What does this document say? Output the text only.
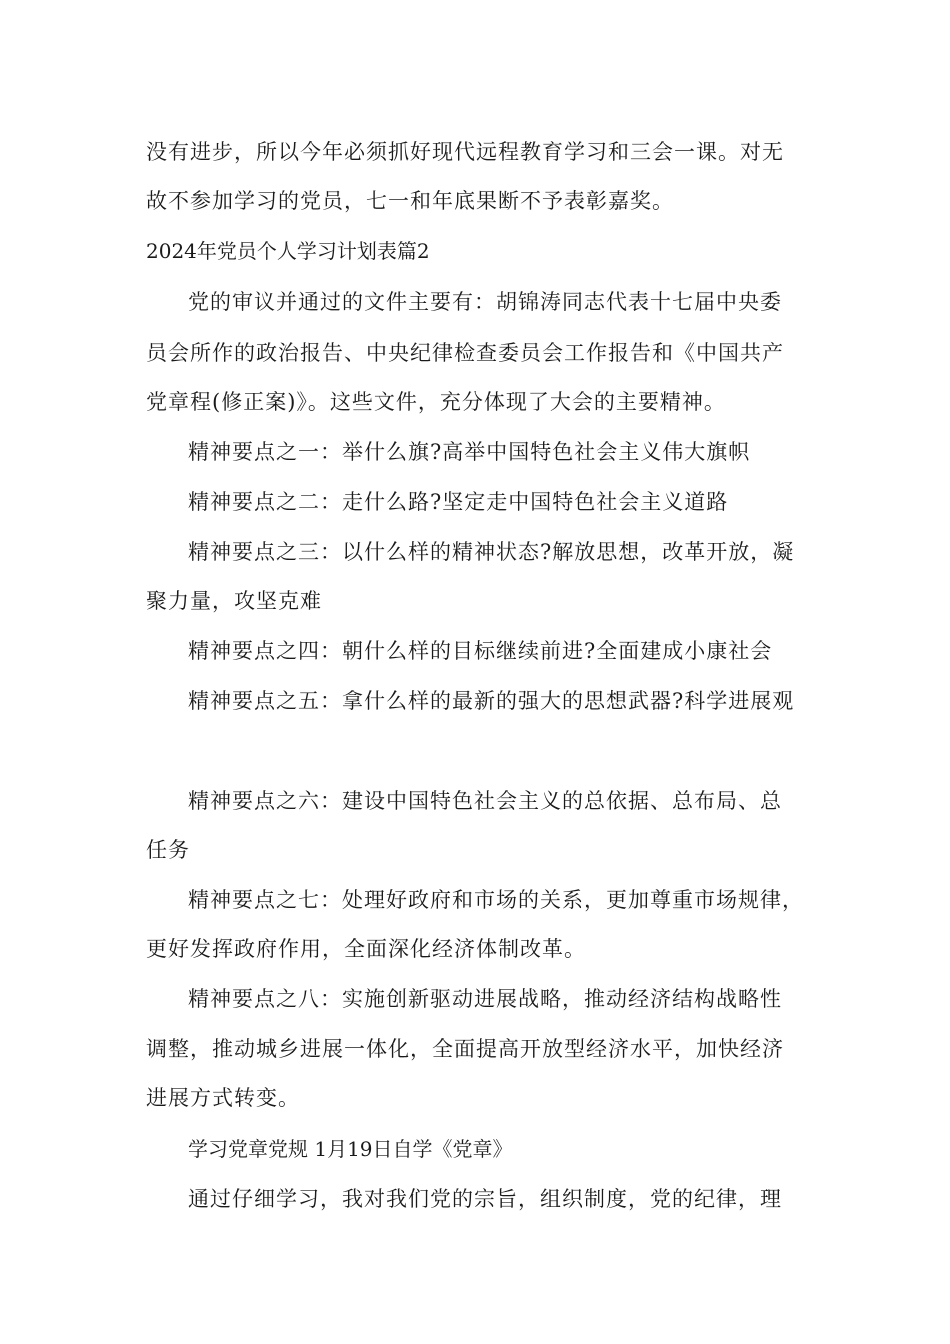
没有进步，所以今年必须抓好现代远程教育学习和三会一课。对无
故不参加学习的党员，七一和年底果断不予表彰嘉奖。
2024年党员个人学习计划表篇2
党的审议并通过的文件主要有：胡锦涛同志代表十七届中央委
员会所作的政治报告、中央纪律检查委员会工作报告和《中国共产
党章程(修正案)》。这些文件，充分体现了大会的主要精神。
精神要点之一：举什么旗?高举中国特色社会主义伟大旗帜
精神要点之二：走什么路?坚定走中国特色社会主义道路
精神要点之三：以什么样的精神状态?解放思想，改革开放，凝
聚力量，攻坚克难
精神要点之四：朝什么样的目标继续前进?全面建成小康社会
精神要点之五：拿什么样的最新的强大的思想武器?科学进展观
精神要点之六：建设中国特色社会主义的总依据、总布局、总
任务
精神要点之七：处理好政府和市场的关系，更加尊重市场规律，
更好发挥政府作用，全面深化经济体制改革。
精神要点之八：实施创新驱动进展战略，推动经济结构战略性
调整，推动城乡进展一体化，全面提高开放型经济水平，加快经济
进展方式转变。
学习党章党规 1月19日自学《党章》
通过仔细学习，我对我们党的宗旨，组织制度，党的纪律，理
